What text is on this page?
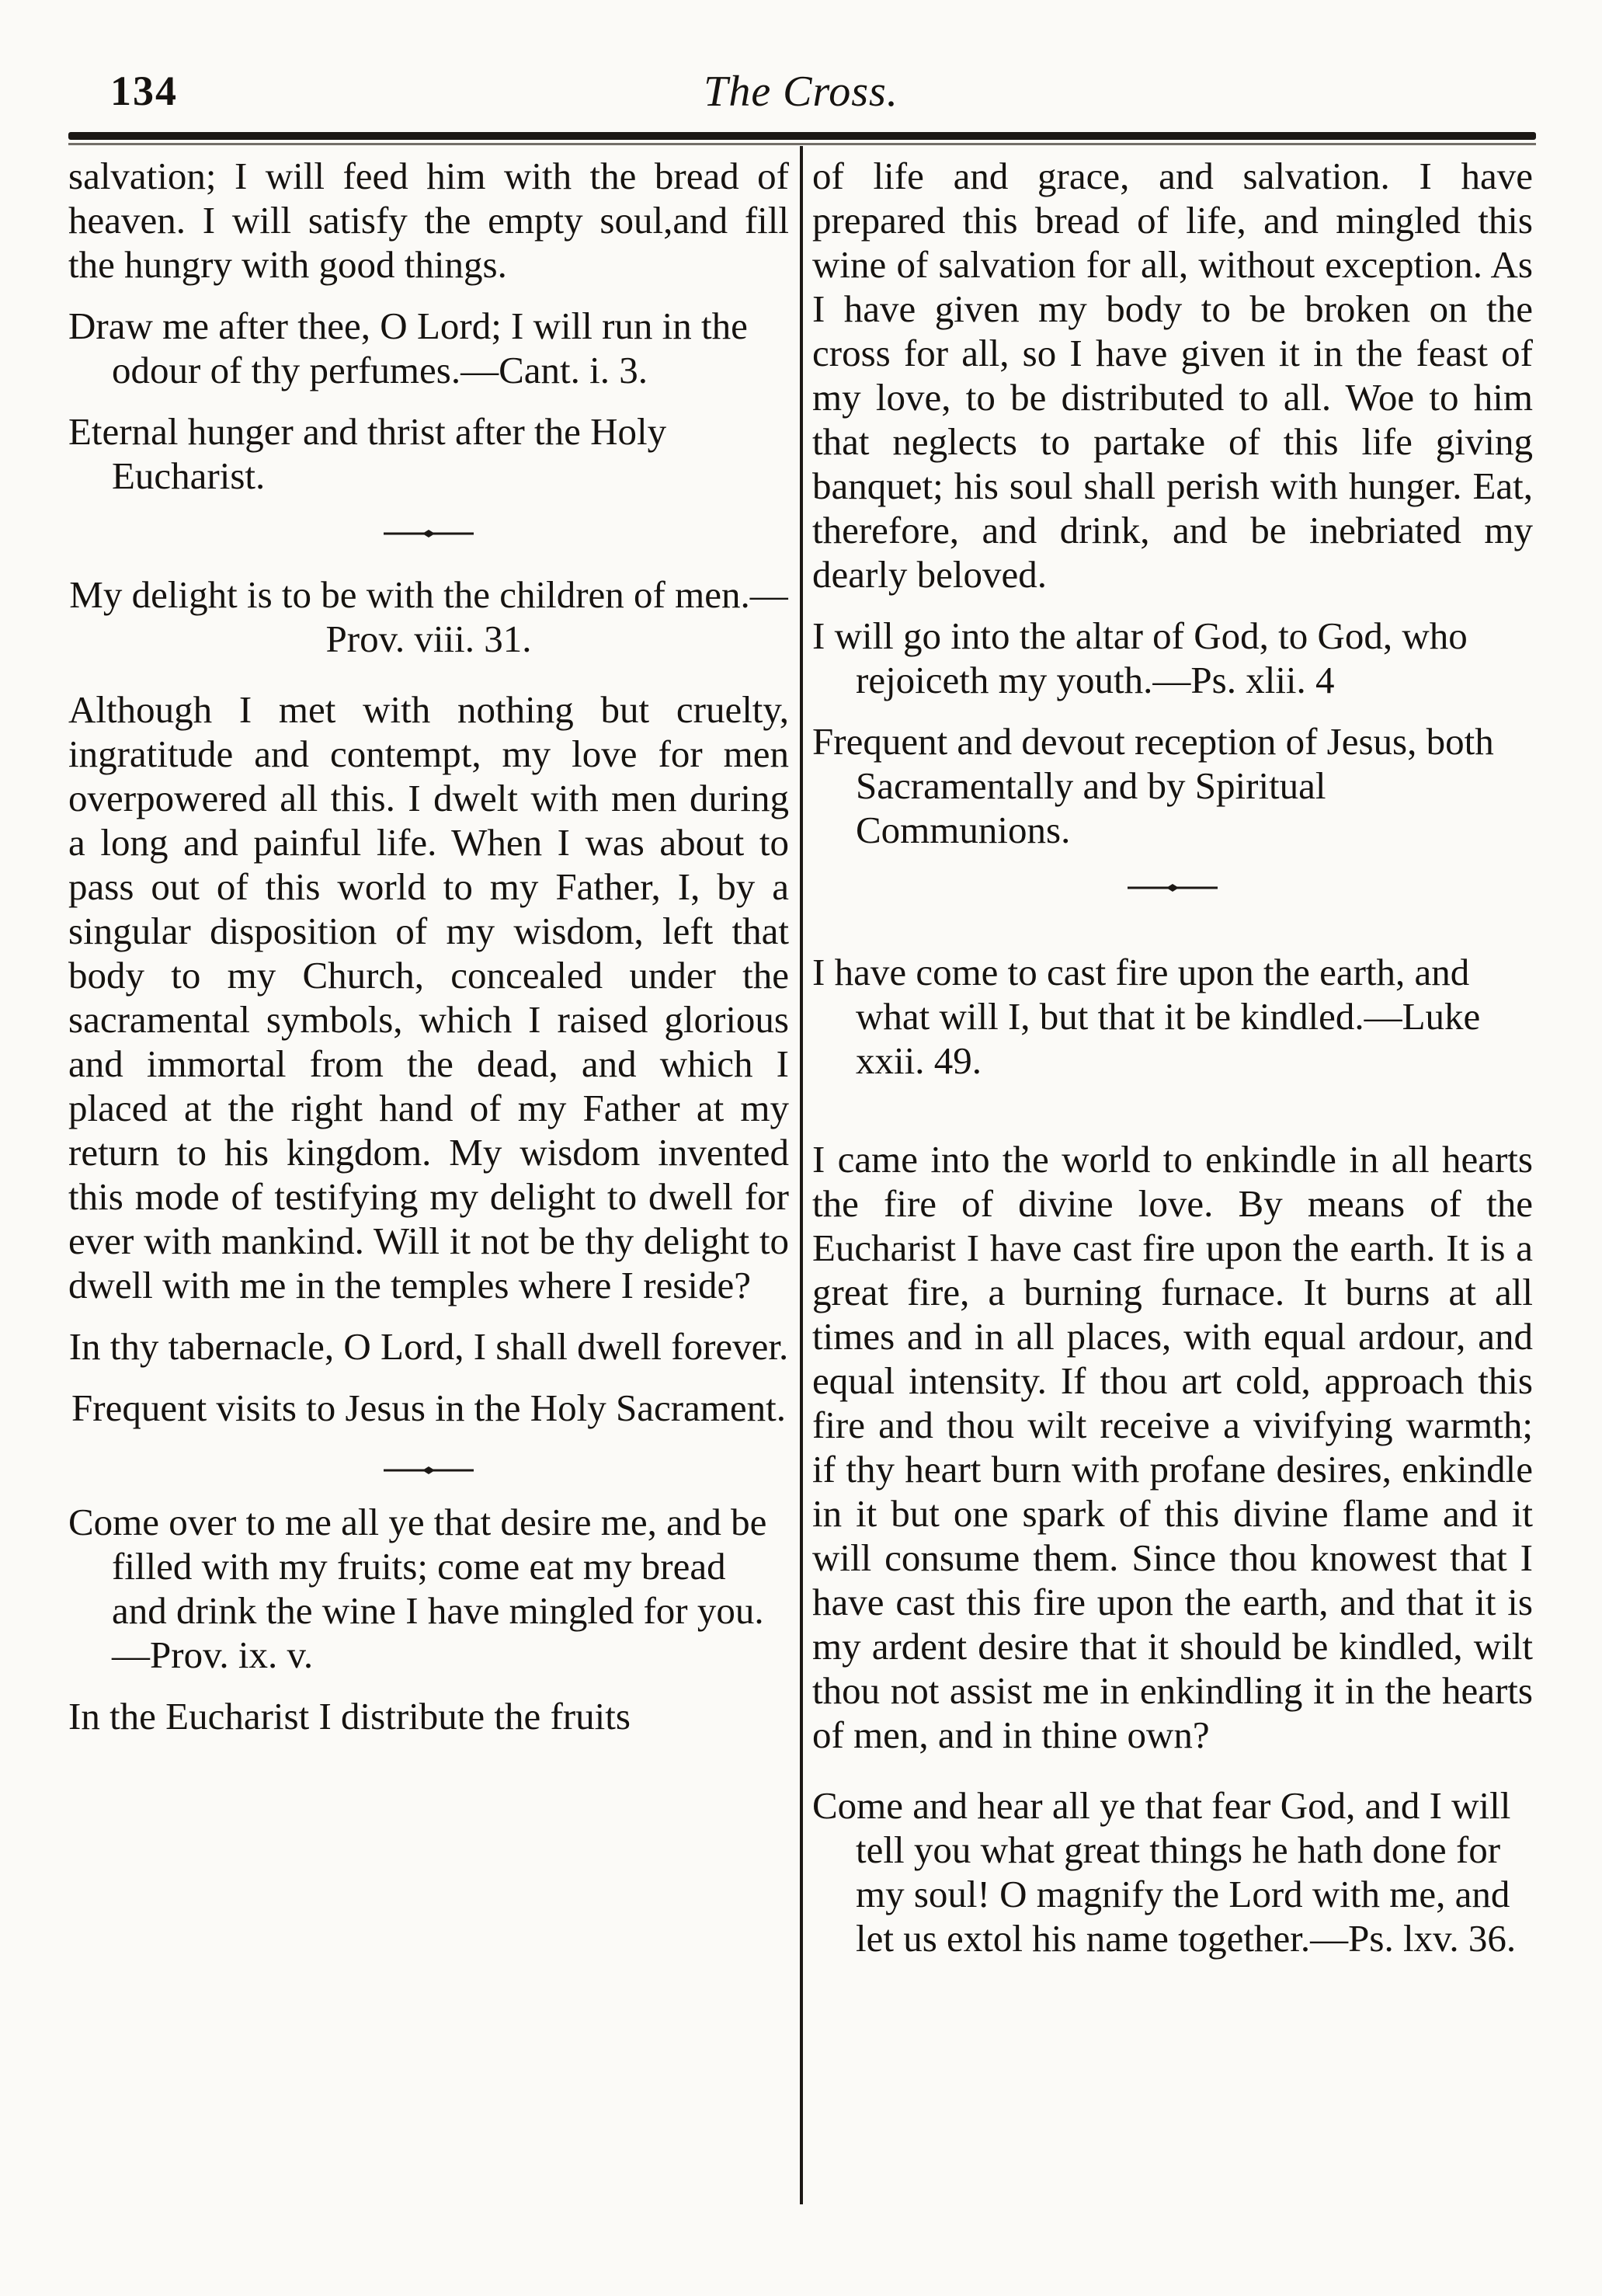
134	The Cross.

salvation; I will feed him with the bread of heaven. I will satisfy the empty soul,and fill the hungry with good things.

Draw me after thee, O Lord; I will run in the odour of thy perfumes.—Cant. i. 3.

Eternal hunger and thrist after the Holy Eucharist.

My delight is to be with the children of men.—Prov. viii. 31.

Although I met with nothing but cruelty, ingratitude and contempt, my love for men overpowered all this. I dwelt with men during a long and painful life. When I was about to pass out of this world to my Father, I, by a singular disposition of my wisdom, left that body to my Church, concealed under the sacramental symbols, which I raised glorious and immortal from the dead, and which I placed at the right hand of my Father at my return to his kingdom. My wisdom invented this mode of testifying my delight to dwell for ever with mankind. Will it not be thy delight to dwell with me in the temples where I reside?

In thy tabernacle, O Lord, I shall dwell forever.

Frequent visits to Jesus in the Holy Sacrament.

Come over to me all ye that desire me, and be filled with my fruits; come eat my bread and drink the wine I have mingled for you.—Prov. ix. v.

In the Eucharist I distribute the fruits

of life and grace, and salvation. I have prepared this bread of life, and mingled this wine of salvation for all, without exception. As I have given my body to be broken on the cross for all, so I have given it in the feast of my love, to be distributed to all. Woe to him that neglects to partake of this life giving banquet; his soul shall perish with hunger. Eat, therefore, and drink, and be inebriated my dearly beloved.

I will go into the altar of God, to God, who rejoiceth my youth.—Ps. xlii. 4

Frequent and devout reception of Jesus, both Sacramentally and by Spiritual Communions.

I have come to cast fire upon the earth, and what will I, but that it be kindled.—Luke xxii. 49.

I came into the world to enkindle in all hearts the fire of divine love. By means of the Eucharist I have cast fire upon the earth. It is a great fire, a burning furnace. It burns at all times and in all places, with equal ardour, and equal intensity. If thou art cold, approach this fire and thou wilt receive a vivifying warmth; if thy heart burn with profane desires, enkindle in it but one spark of this divine flame and it will consume them. Since thou knowest that I have cast this fire upon the earth, and that it is my ardent desire that it should be kindled, wilt thou not assist me in enkindling it in the hearts of men, and in thine own?

Come and hear all ye that fear God, and I will tell you what great things he hath done for my soul! O magnify the Lord with me, and let us extol his name together.—Ps. lxv. 36.
